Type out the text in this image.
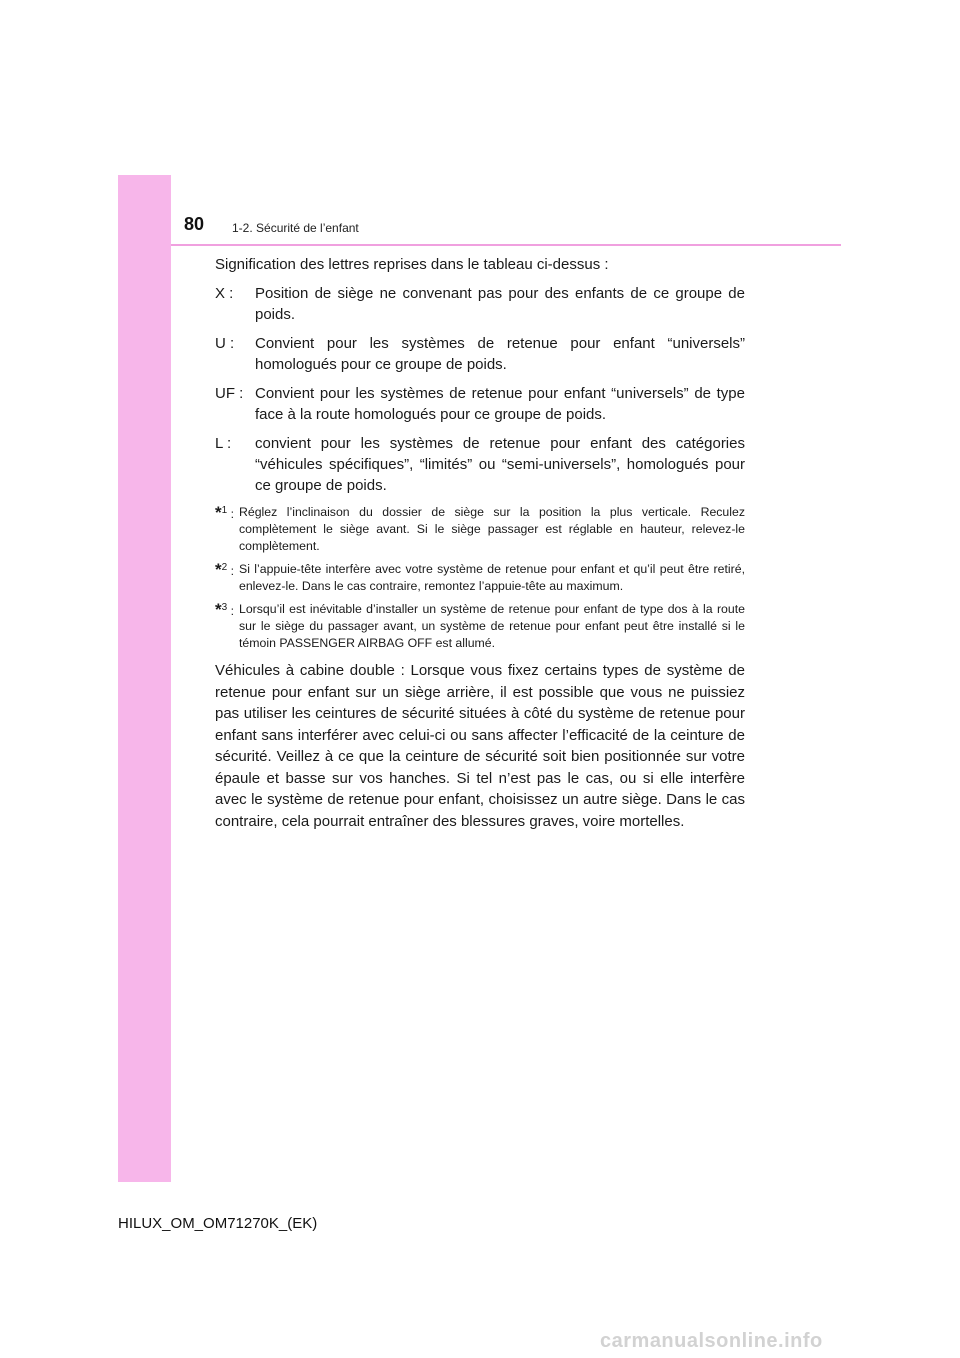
80 1-2. Sécurité de l’enfant

Signification des lettres reprises dans le tableau ci-dessus :

X :	Position de siège ne convenant pas pour des enfants de ce groupe de poids.
U :	Convient pour les systèmes de retenue pour enfant “universels” homologués pour ce groupe de poids.
UF : Convient pour les systèmes de retenue pour enfant “universels” de type face à la route homologués pour ce groupe de poids.
L :	convient pour les systèmes de retenue pour enfant des catégories “véhicules spécifiques”, “limités” ou “semi-universels”, homologués pour ce groupe de poids.
*$^1$ : Réglez l’inclinaison du dossier de siège sur la position la plus verticale. Reculez complètement le siège avant. Si le siège passager est réglable en hauteur, relevez-le complètement.
*$^2$ : Si l’appuie-tête interfère avec votre système de retenue pour enfant et qu’il peut être retiré, enlevez-le. Dans le cas contraire, remontez l’appuie-tête au maximum.
*$^3$ : Lorsqu’il est inévitable d’installer un système de retenue pour enfant de type dos à la route sur le siège du passager avant, un système de retenue pour enfant peut être installé si le témoin PASSENGER AIRBAG OFF est allumé.

Véhicules à cabine double : Lorsque vous fixez certains types de système de retenue pour enfant sur un siège arrière, il est possible que vous ne puissiez pas utiliser les ceintures de sécurité situées à côté du système de retenue pour enfant sans interférer avec celui-ci ou sans affecter l’efficacité de la ceinture de sécurité. Veillez à ce que la ceinture de sécurité soit bien positionnée sur votre épaule et basse sur vos hanches. Si tel n’est pas le cas, ou si elle interfère avec le système de retenue pour enfant, choisissez un autre siège. Dans le cas contraire, cela pourrait entraîner des blessures graves, voire mortelles.

HILUX_OM_OM71270K_(EK)
carmanualsonline.info
